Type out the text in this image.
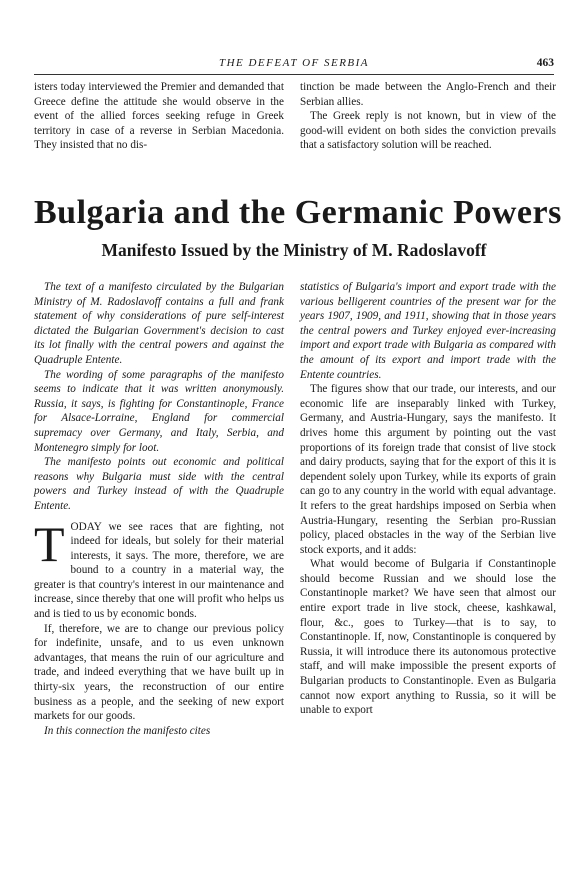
THE DEFEAT OF SERBIA	463

isters today interviewed the Premier and demanded that Greece define the attitude she would observe in the event of the allied forces seeking refuge in Greek territory in case of a reverse in Serbian Macedonia. They insisted that no dis-

tinction be made between the Anglo-French and their Serbian allies.

The Greek reply is not known, but in view of the good-will evident on both sides the conviction prevails that a satisfactory solution will be reached.

Bulgaria and the Germanic Powers
Manifesto Issued by the Ministry of M. Radoslavoff

The text of a manifesto circulated by the Bulgarian Ministry of M. Radoslavoff contains a full and frank statement of why considerations of pure self-interest dictated the Bulgarian Government's decision to cast its lot finally with the central powers and against the Quadruple Entente.

The wording of some paragraphs of the manifesto seems to indicate that it was written anonymously. Russia, it says, is fighting for Constantinople, France for Alsace-Lorraine, England for commercial supremacy over Germany, and Italy, Serbia, and Montenegro simply for loot.

The manifesto points out economic and political reasons why Bulgaria must side with the central powers and Turkey instead of with the Quadruple Entente.

TODAY we see races that are fighting, not indeed for ideals, but solely for their material interests, it says. The more, therefore, we are bound to a country in a material way, the greater is that country's interest in our maintenance and increase, since thereby that one will profit who helps us and is tied to us by economic bonds.

If, therefore, we are to change our previous policy for indefinite, unsafe, and to us even unknown advantages, that means the ruin of our agriculture and trade, and indeed everything that we have built up in thirty-six years, the reconstruction of our entire business as a people, and the seeking of new export markets for our goods.

In this connection the manifesto cites

statistics of Bulgaria's import and export trade with the various belligerent countries of the present war for the years 1907, 1909, and 1911, showing that in those years the central powers and Turkey enjoyed ever-increasing import and export trade with Bulgaria as compared with the amount of its export and import trade with the Entente countries.

The figures show that our trade, our interests, and our economic life are inseparably linked with Turkey, Germany, and Austria-Hungary, says the manifesto. It drives home this argument by pointing out the vast proportions of its foreign trade that consist of live stock and dairy products, saying that for the export of this it is dependent solely upon Turkey, while its exports of grain can go to any country in the world with equal advantage. It refers to the great hardships imposed on Serbia when Austria-Hungary, resenting the Serbian pro-Russian policy, placed obstacles in the way of the Serbian live stock exports, and it adds:

What would become of Bulgaria if Constantinople should become Russian and we should lose the Constantinople market? We have seen that almost our entire export trade in live stock, cheese, kashkawal, flour, &c., goes to Turkey—that is to say, to Constantinople. If, now, Constantinople is conquered by Russia, it will introduce there its autonomous protective staff, and will make impossible the present exports of Bulgarian products to Constantinople. Even as Bulgaria cannot now export anything to Russia, so it will be unable to export
